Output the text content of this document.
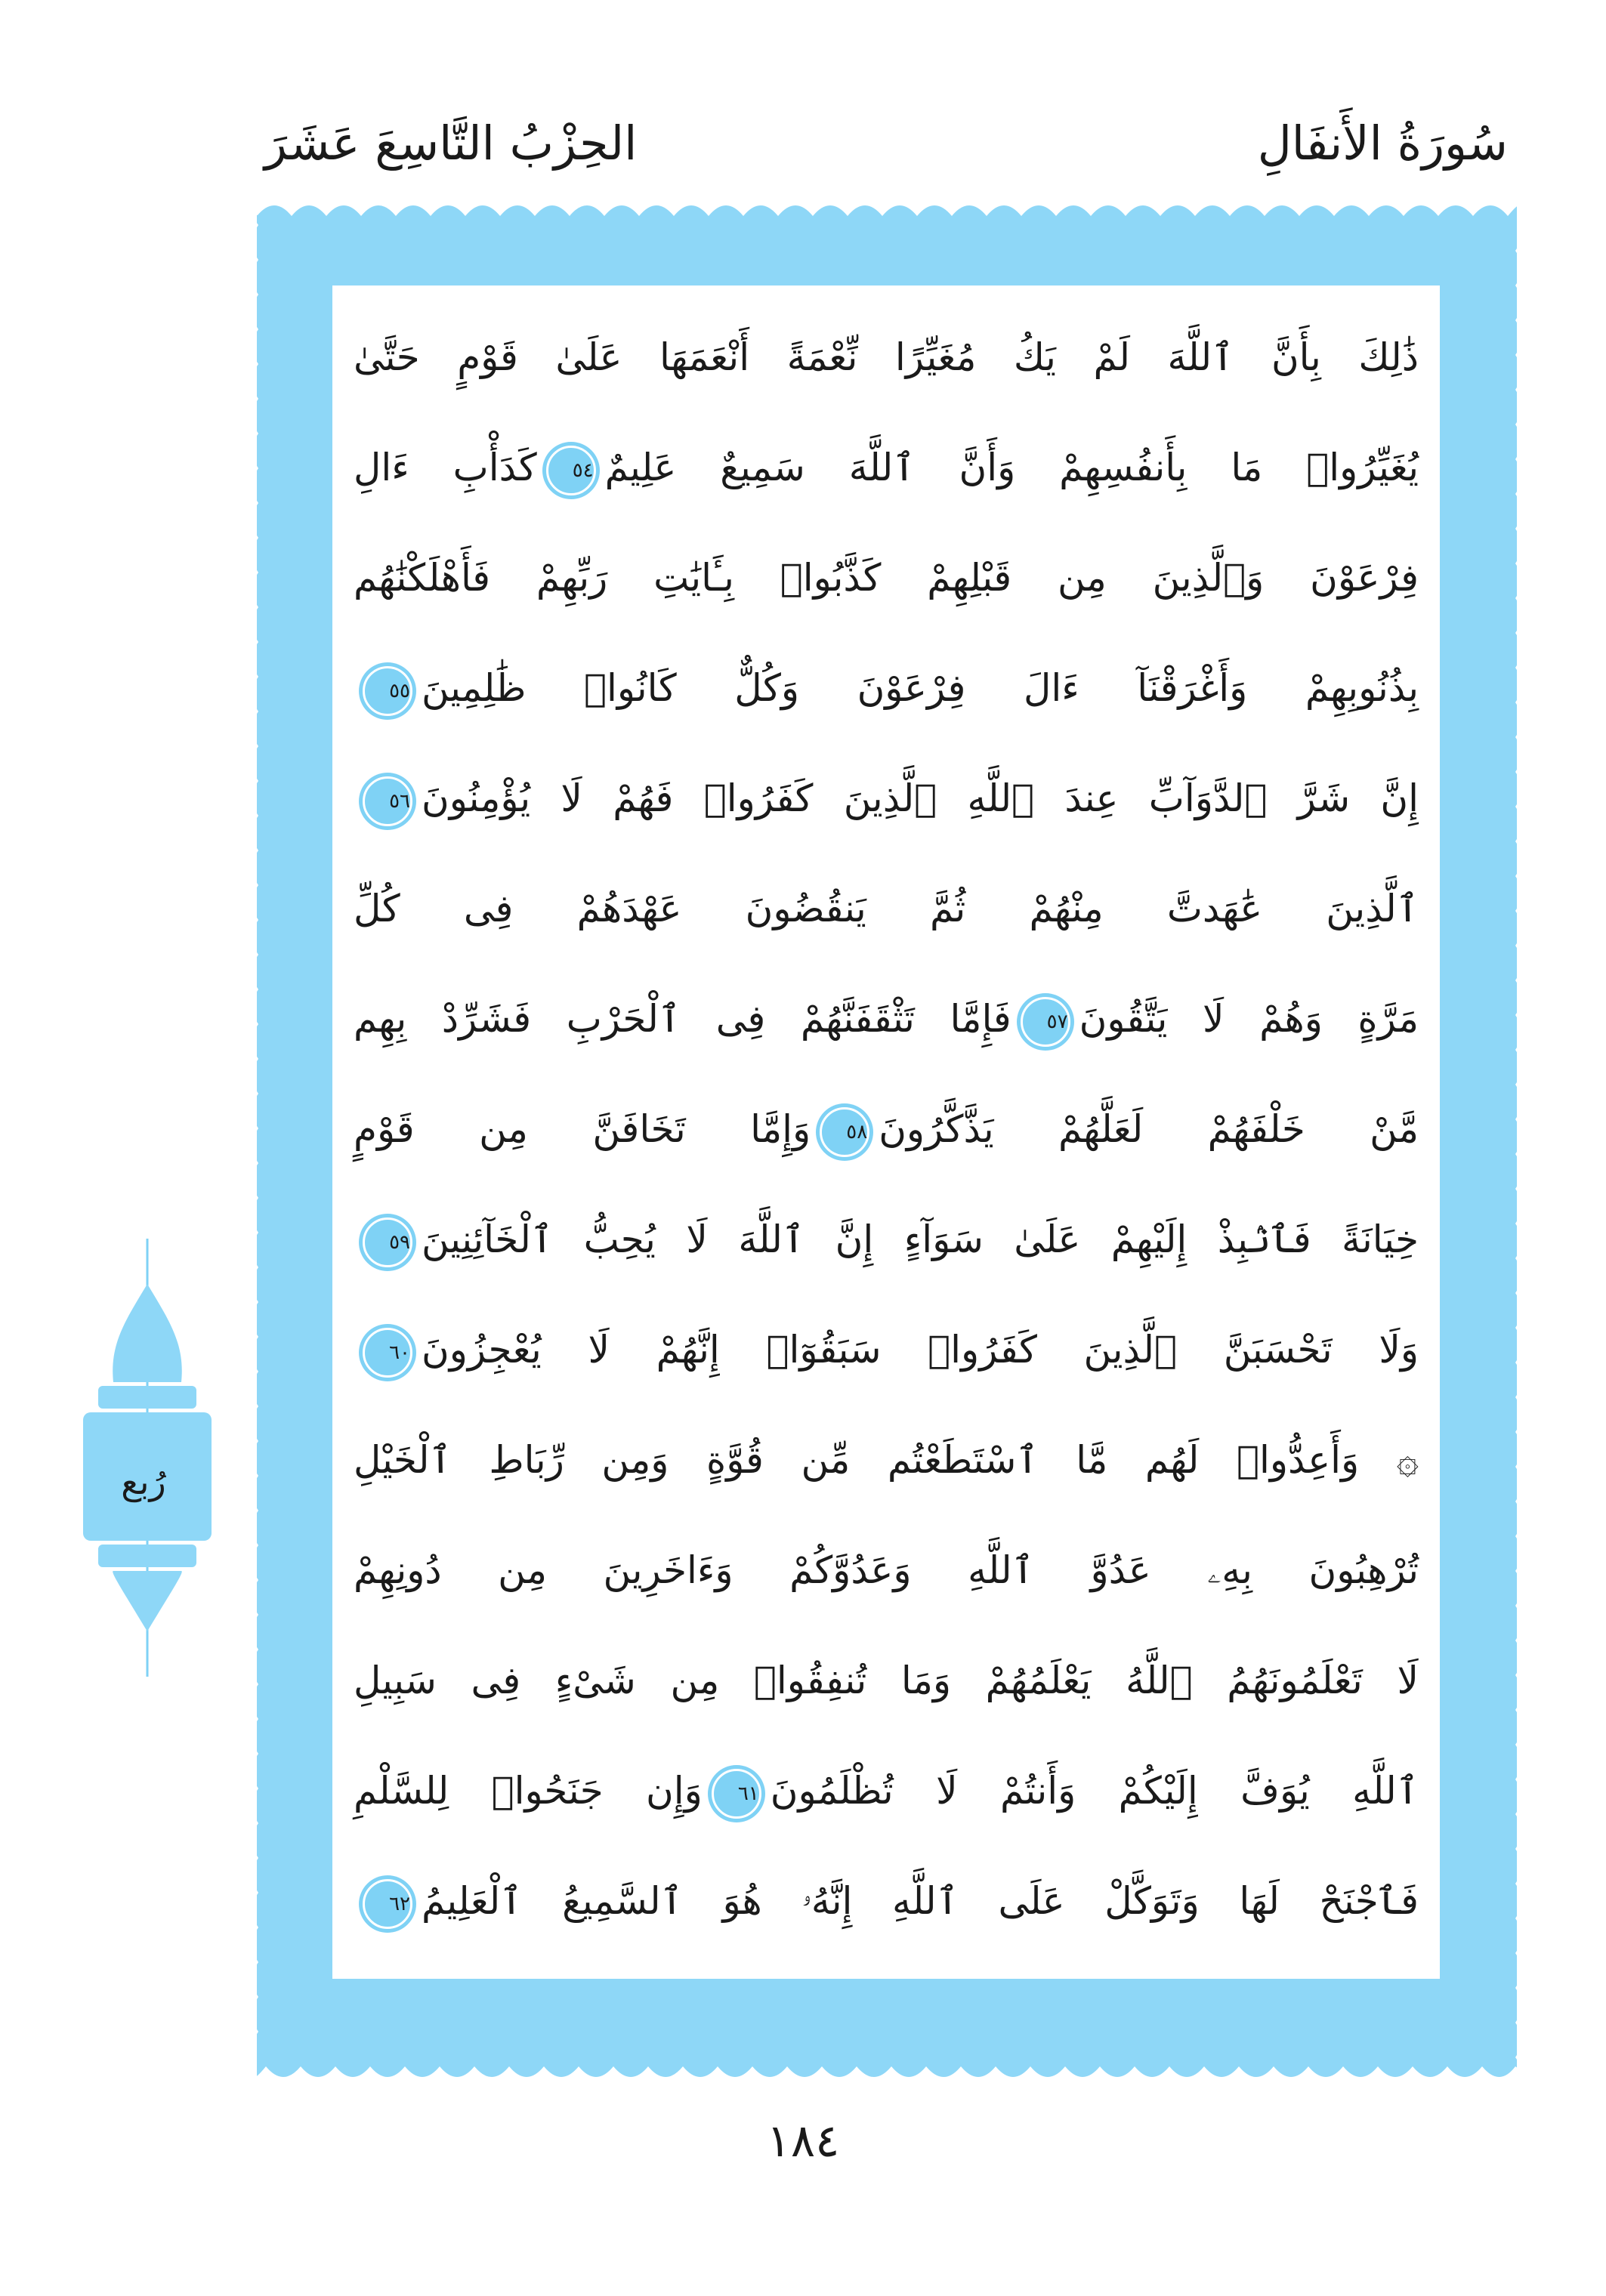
سُورَةُ الأَنفَالِ
الحِزْبُ التَّاسِعَ عَشَرَ
ذَٰلِكَ بِأَنَّ ٱللَّهَ لَمْ يَكُ مُغَيِّرًا نِّعْمَةً أَنْعَمَهَا عَلَىٰ قَوْمٍ حَتَّىٰ
يُغَيِّرُوا۟ مَا بِأَنفُسِهِمْ وَأَنَّ ٱللَّهَ سَمِيعٌ عَلِيمٌ٥٤كَدَأْبِ ءَالِ
فِرْعَوْنَ وَٱلَّذِينَ مِن قَبْلِهِمْ كَذَّبُوا۟ بِـَٔايَٰتِ رَبِّهِمْ فَأَهْلَكْنَٰهُم
بِذُنُوبِهِمْ وَأَغْرَقْنَآ ءَالَ فِرْعَوْنَ وَكُلٌّ كَانُوا۟ ظَٰلِمِينَ٥٥
إِنَّ شَرَّ ٱلدَّوَآبِّ عِندَ ٱللَّهِ ٱلَّذِينَ كَفَرُوا۟ فَهُمْ لَا يُؤْمِنُونَ٥٦
ٱلَّذِينَ عَٰهَدتَّ مِنْهُمْ ثُمَّ يَنقُضُونَ عَهْدَهُمْ فِى كُلِّ
مَرَّةٍ وَهُمْ لَا يَتَّقُونَ٥٧فَإِمَّا تَثْقَفَنَّهُمْ فِى ٱلْحَرْبِ فَشَرِّدْ بِهِم
مَّنْ خَلْفَهُمْ لَعَلَّهُمْ يَذَّكَّرُونَ٥٨وَإِمَّا تَخَافَنَّ مِن قَوْمٍ
خِيَانَةً فَٱنۢبِذْ إِلَيْهِمْ عَلَىٰ سَوَآءٍ إِنَّ ٱللَّهَ لَا يُحِبُّ ٱلْخَآئِنِينَ٥٩
وَلَا تَحْسَبَنَّ ٱلَّذِينَ كَفَرُوا۟ سَبَقُوٓا۟ إِنَّهُمْ لَا يُعْجِزُونَ٦٠
۞ وَأَعِدُّوا۟ لَهُم مَّا ٱسْتَطَعْتُم مِّن قُوَّةٍ وَمِن رِّبَاطِ ٱلْخَيْلِ
تُرْهِبُونَ بِهِۦ عَدُوَّ ٱللَّهِ وَعَدُوَّكُمْ وَءَاخَرِينَ مِن دُونِهِمْ
لَا تَعْلَمُونَهُمُ ٱللَّهُ يَعْلَمُهُمْ وَمَا تُنفِقُوا۟ مِن شَىْءٍ فِى سَبِيلِ
ٱللَّهِ يُوَفَّ إِلَيْكُمْ وَأَنتُمْ لَا تُظْلَمُونَ٦١وَإِن جَنَحُوا۟ لِلسَّلْمِ
فَٱجْنَحْ لَهَا وَتَوَكَّلْ عَلَى ٱللَّهِ إِنَّهُۥ هُوَ ٱلسَّمِيعُ ٱلْعَلِيمُ٦٢
رُبع
١٨٤
